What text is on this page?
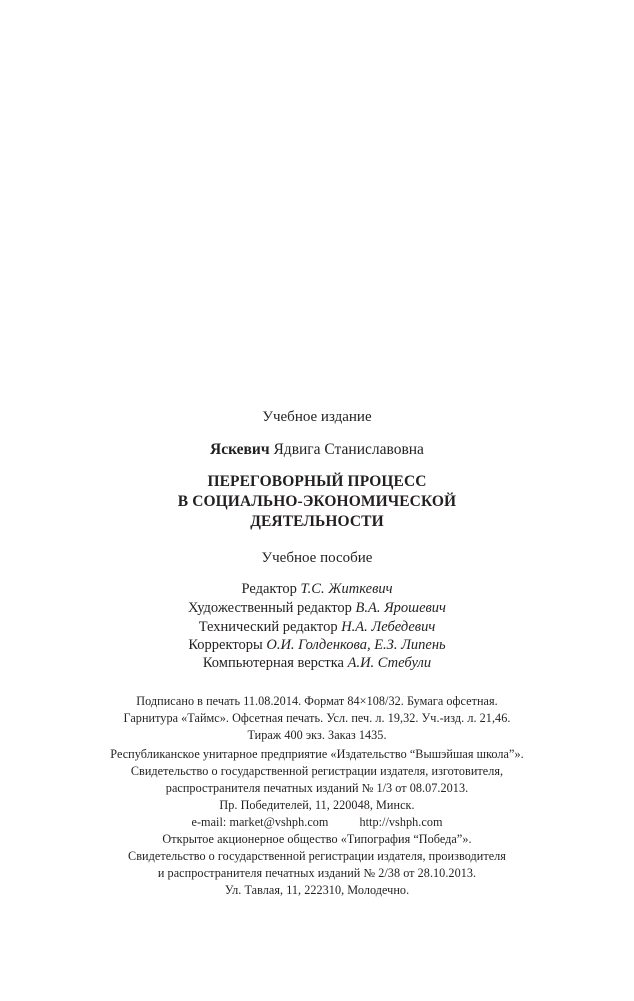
Учебное издание
Яскевич Ядвига Станиславовна
ПЕРЕГОВОРНЫЙ ПРОЦЕСС
В СОЦИАЛЬНО-ЭКОНОМИЧЕСКОЙ
ДЕЯТЕЛЬНОСТИ
Учебное пособие
Редактор Т.С. Житкевич
Художественный редактор В.А. Ярошевич
Технический редактор Н.А. Лебедевич
Корректоры О.И. Голденкова, Е.З. Липень
Компьютерная верстка А.И. Стебули
Подписано в печать 11.08.2014. Формат 84×108/32. Бумага офсетная.
Гарнитура «Таймс». Офсетная печать. Усл. печ. л. 19,32. Уч.-изд. л. 21,46.
Тираж 400 экз. Заказ 1435.
Республиканское унитарное предприятие «Издательство “Вышэйшая школа”».
Свидетельство о государственной регистрации издателя, изготовителя,
распространителя печатных изданий № 1/3 от 08.07.2013.
Пр. Победителей, 11, 220048, Минск.
e-mail: market@vshph.com	http://vshph.com
Открытое акционерное общество «Типография “Победа”».
Свидетельство о государственной регистрации издателя, производителя
и распространителя печатных изданий № 2/38 от 28.10.2013.
Ул. Тавлая, 11, 222310, Молодечно.
